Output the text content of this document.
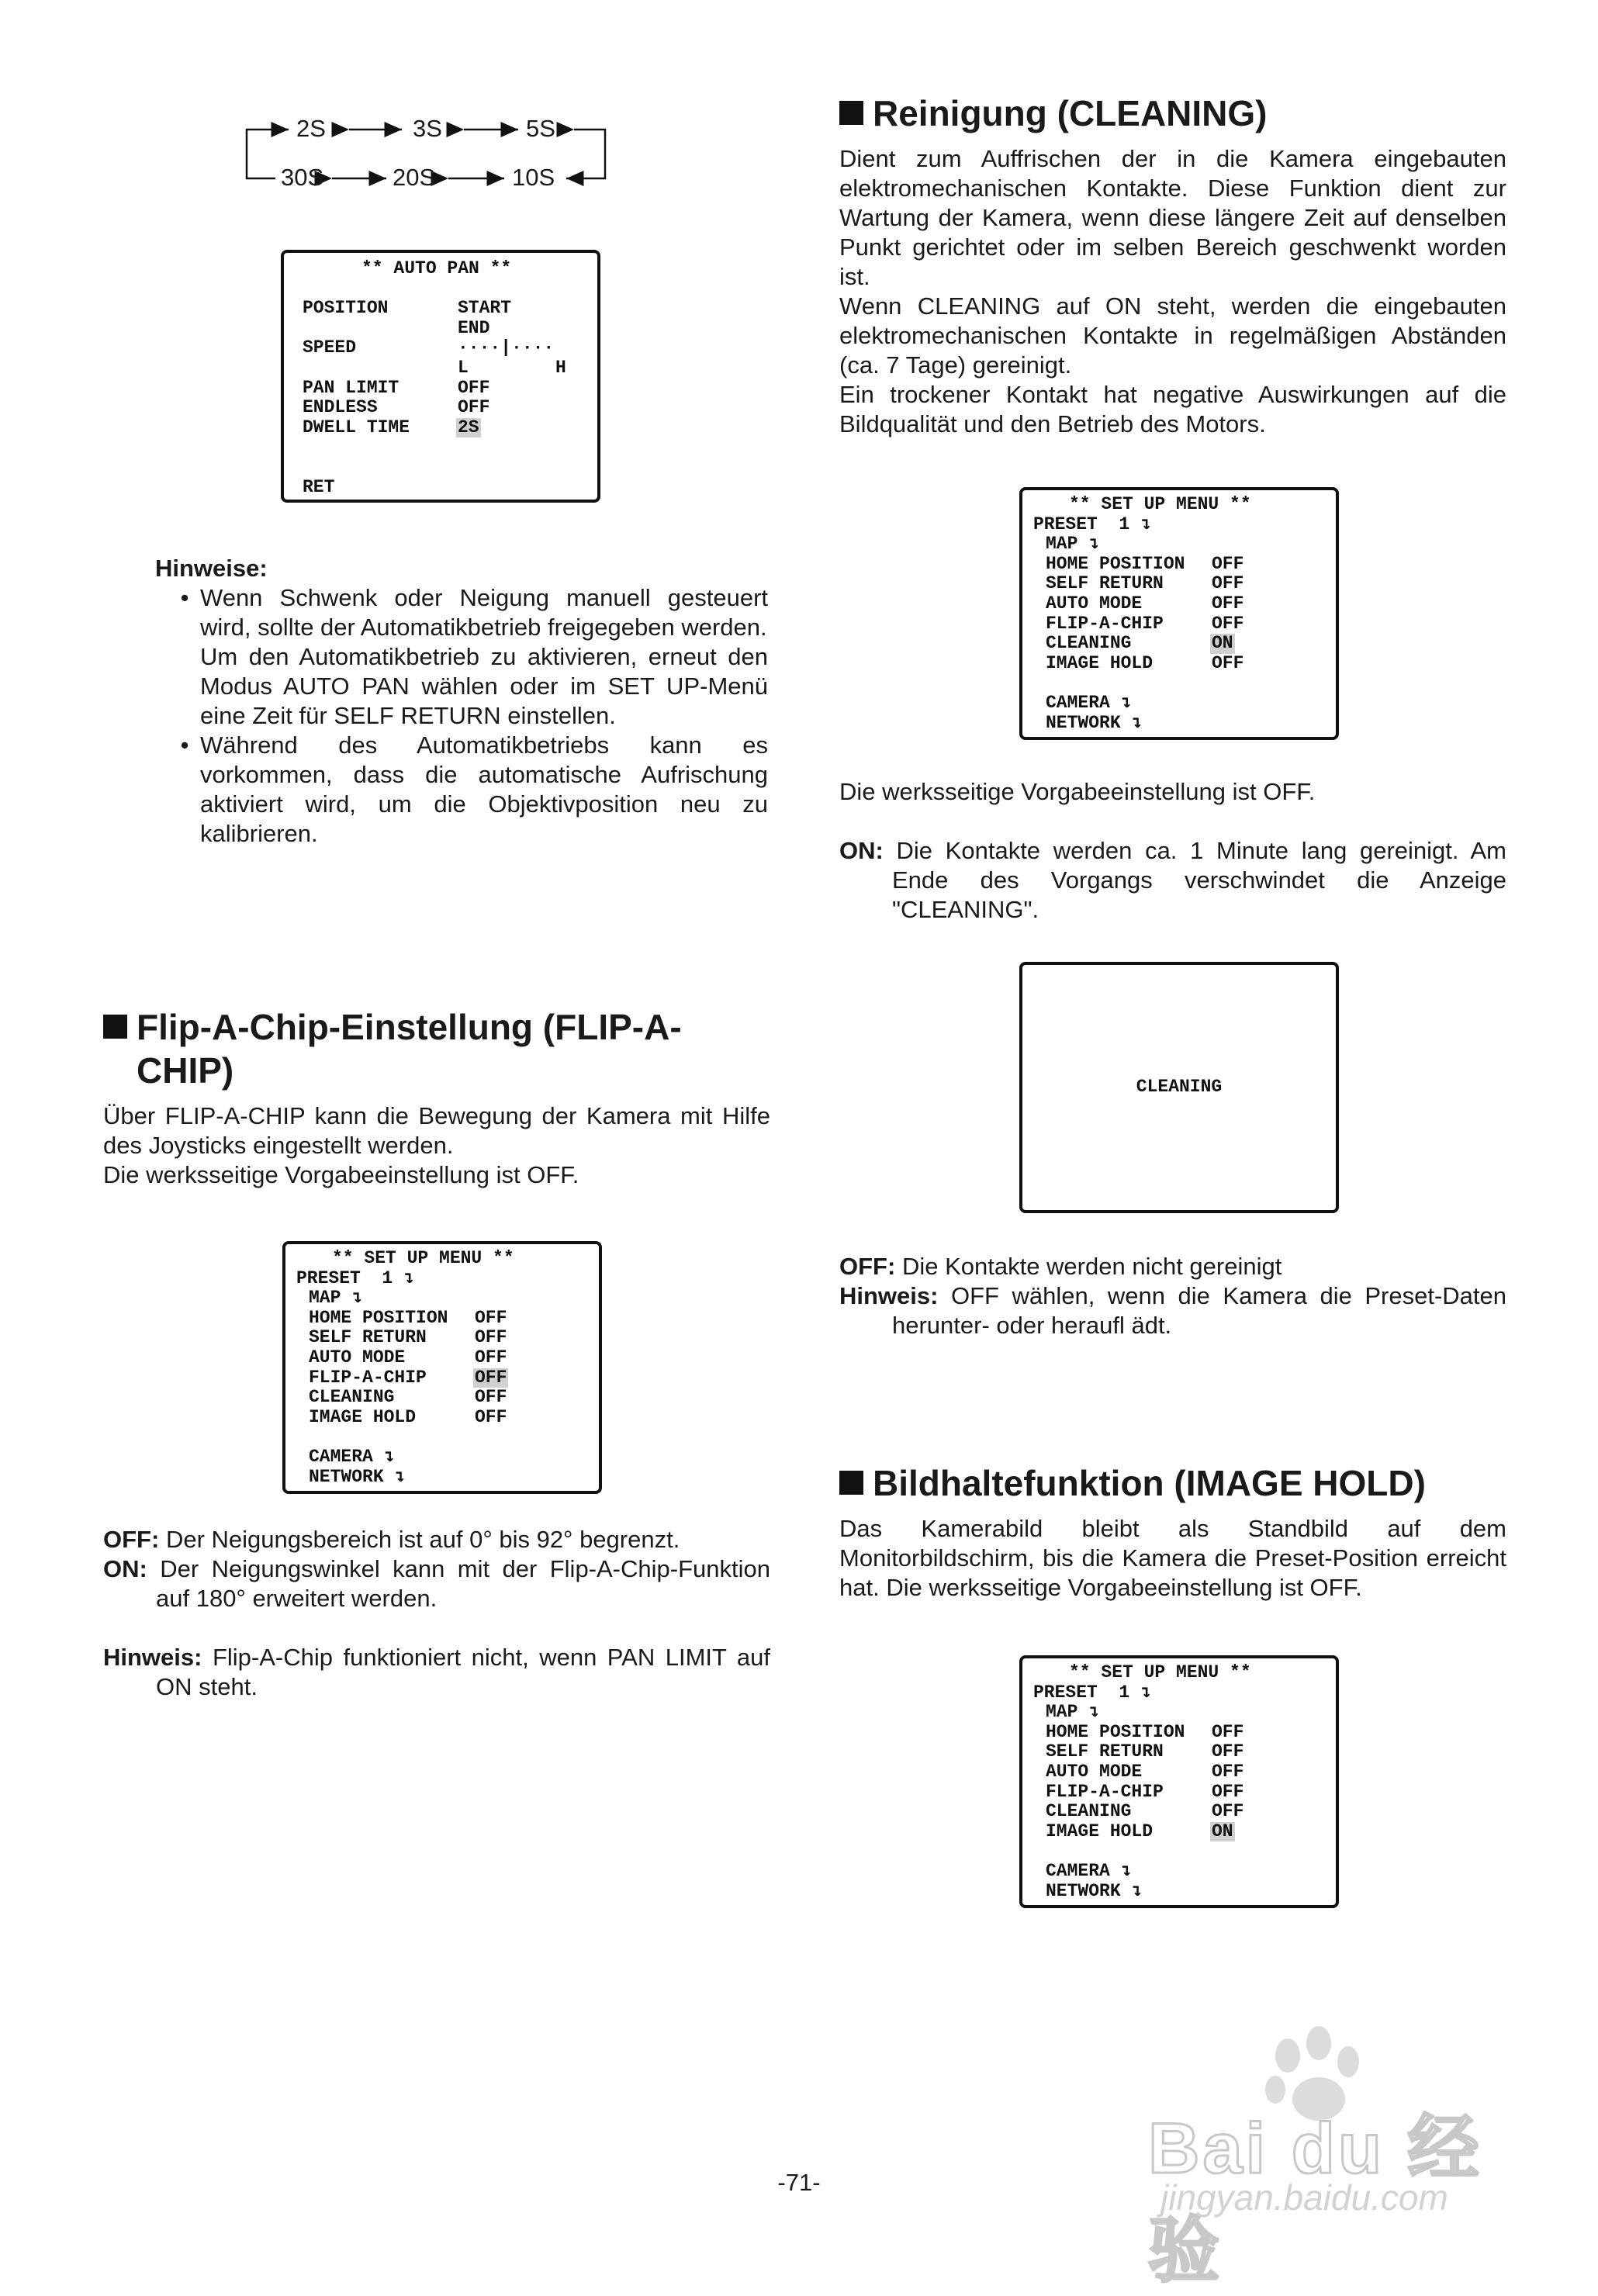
2S	3S	5S
30S	20S	10S
** AUTO PAN **
POSITION	START
END
SPEED	····|····
L	H
PAN LIMIT	OFF
ENDLESS	OFF
DWELL TIME	2S
RET
Hinweise:
• Wenn Schwenk oder Neigung manuell gesteuert wird, sollte der Automatikbetrieb freigegeben werden.
Um den Automatikbetrieb zu aktivieren, erneut den Modus AUTO PAN wählen oder im SET UP-Menü eine Zeit für SELF RETURN einstellen.
• Während des Automatikbetriebs kann es vorkommen, dass die automatische Aufrischung aktiviert wird, um die Objektivposition neu zu kalibrieren.
Flip-A-Chip-Einstellung (FLIP-A-
CHIP)

Über FLIP-A-CHIP kann die Bewegung der Kamera mit Hilfe des Joysticks eingestellt werden.

Die werksseitige Vorgabeeinstellung ist OFF.

** SET UP MENU **
PRESET  1 ↴
MAP ↴
HOME POSITION OFF
SELF RETURN	OFF
AUTO MODE	OFF
FLIP-A-CHIP	OFF
CLEANING	OFF
IMAGE HOLD	OFF
CAMERA ↴
NETWORK ↴
OFF: Der Neigungsbereich ist auf 0° bis 92° begrenzt.
ON: Der Neigungswinkel kann mit der Flip-A-Chip-Funktion auf 180° erweitert werden.
Hinweis: Flip-A-Chip funktioniert nicht, wenn PAN LIMIT auf ON steht.
Reinigung (CLEANING)

Dient zum Auffrischen der in die Kamera eingebauten elektromechanischen Kontakte. Diese Funktion dient zur Wartung der Kamera, wenn diese längere Zeit auf denselben Punkt gerichtet oder im selben Bereich geschwenkt worden ist.

Wenn CLEANING auf ON steht, werden die eingebauten elektromechanischen Kontakte in regelmäßigen Abständen (ca. 7 Tage) gereinigt.

Ein trockener Kontakt hat negative Auswirkungen auf die Bildqualität und den Betrieb des Motors.

** SET UP MENU **
PRESET  1 ↴
MAP ↴
HOME POSITION OFF
SELF RETURN	OFF
AUTO MODE	OFF
FLIP-A-CHIP	OFF
CLEANING	ON
IMAGE HOLD	OFF
CAMERA ↴
NETWORK ↴

Die werksseitige Vorgabeeinstellung ist OFF.

ON: Die Kontakte werden ca. 1 Minute lang gereinigt. Am Ende des Vorgangs verschwindet die Anzeige "CLEANING".
CLEANING
OFF: Die Kontakte werden nicht gereinigt
Hinweis: OFF wählen, wenn die Kamera die Preset-Daten herunter- oder heraufl ädt.
Bildhaltefunktion (IMAGE HOLD)

Das Kamerabild bleibt als Standbild auf dem Monitorbildschirm, bis die Kamera die Preset-Position erreicht hat. Die werksseitige Vorgabeeinstellung ist OFF.

** SET UP MENU **
PRESET  1 ↴
MAP ↴
HOME POSITION OFF
SELF RETURN	OFF
AUTO MODE	OFF
FLIP-A-CHIP	OFF
CLEANING	OFF
IMAGE HOLD	ON
CAMERA ↴
NETWORK ↴
-71-	Bai du 经验
jingyan.baidu.com
